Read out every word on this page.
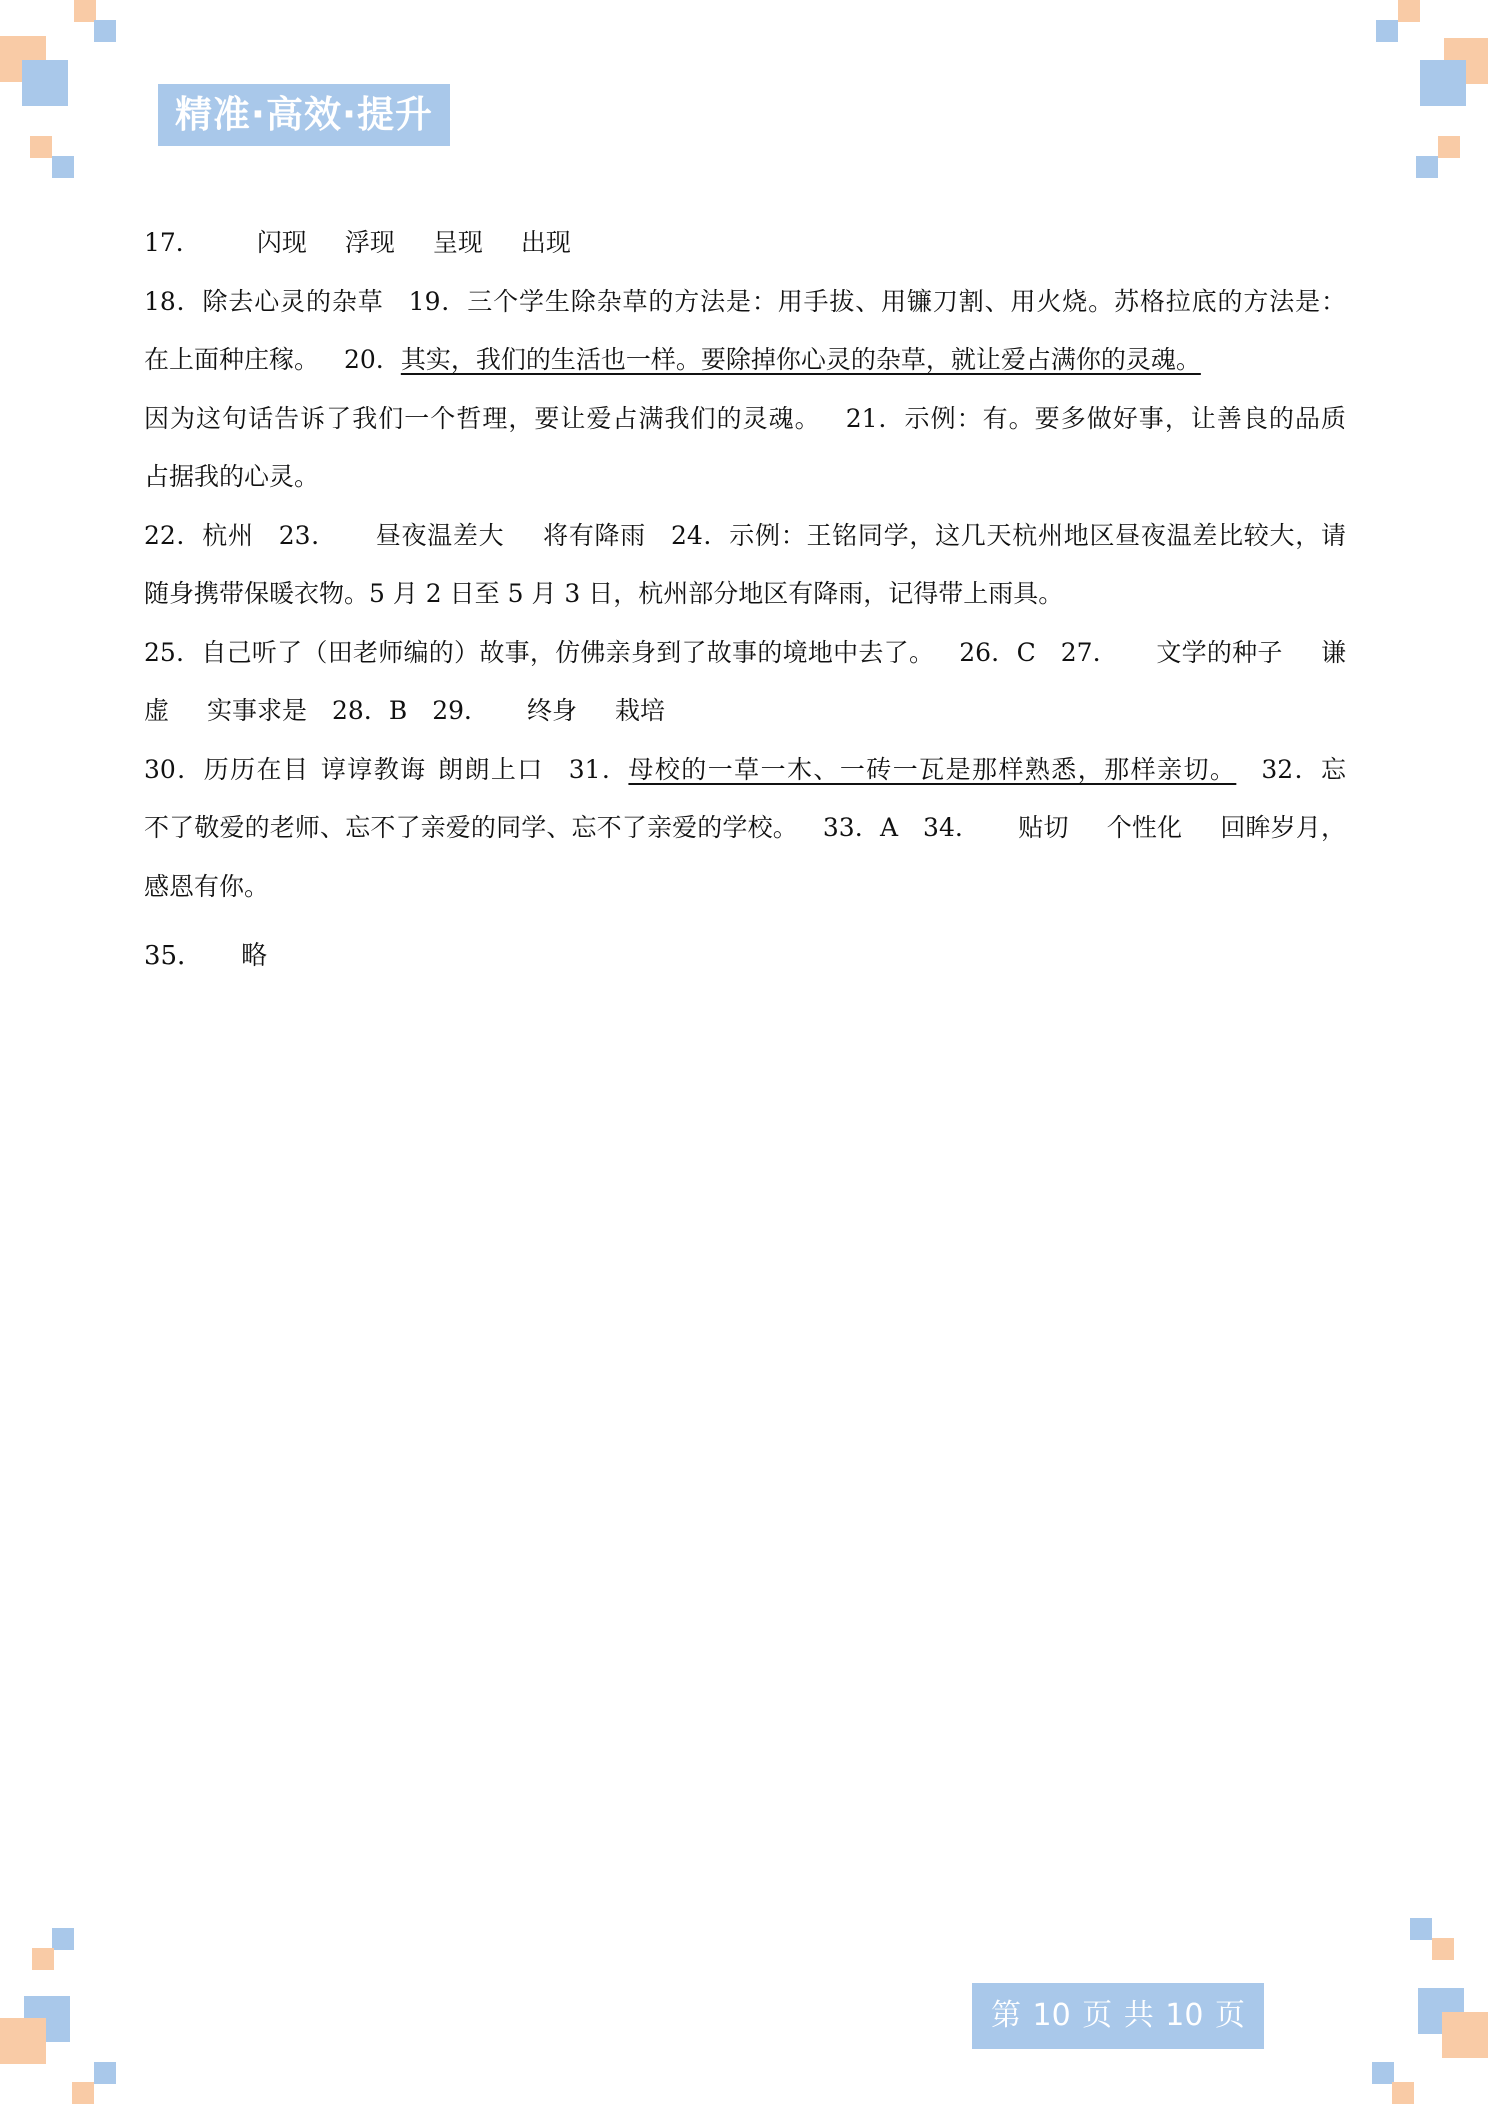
精准·高效·提升
17． 闪现 浮现 呈现 出现
18．除去心灵的杂草  19．三个学生除杂草的方法是：用手拔、用镰刀割、用火烧。苏格拉底的方法是：
在上面种庄稼。  20．其实，我们的生活也一样。要除掉你心灵的杂草，就让爱占满你的灵魂。
因为这句话告诉了我们一个哲理，要让爱占满我们的灵魂。  21．示例：有。要多做好事，让善良的品质
占据我的心灵。
22．杭州  23． 昼夜温差大 将有降雨  24．示例：王铭同学，这几天杭州地区昼夜温差比较大，请
随身携带保暖衣物。5 月 2 日至 5 月 3 日，杭州部分地区有降雨，记得带上雨具。
25．自己听了（田老师编的）故事，仿佛亲身到了故事的境地中去了。  26．C  27． 文学的种子 谦
虚 实事求是  28．B  29． 终身 栽培
30．历历在目 谆谆教诲 朗朗上口  31．母校的一草一木、一砖一瓦是那样熟悉，那样亲切。  32．忘
不了敬爱的老师、忘不了亲爱的同学、忘不了亲爱的学校。  33．A  34． 贴切 个性化 回眸岁月，
感恩有你。
35． 略
第 10 页 共 10 页
